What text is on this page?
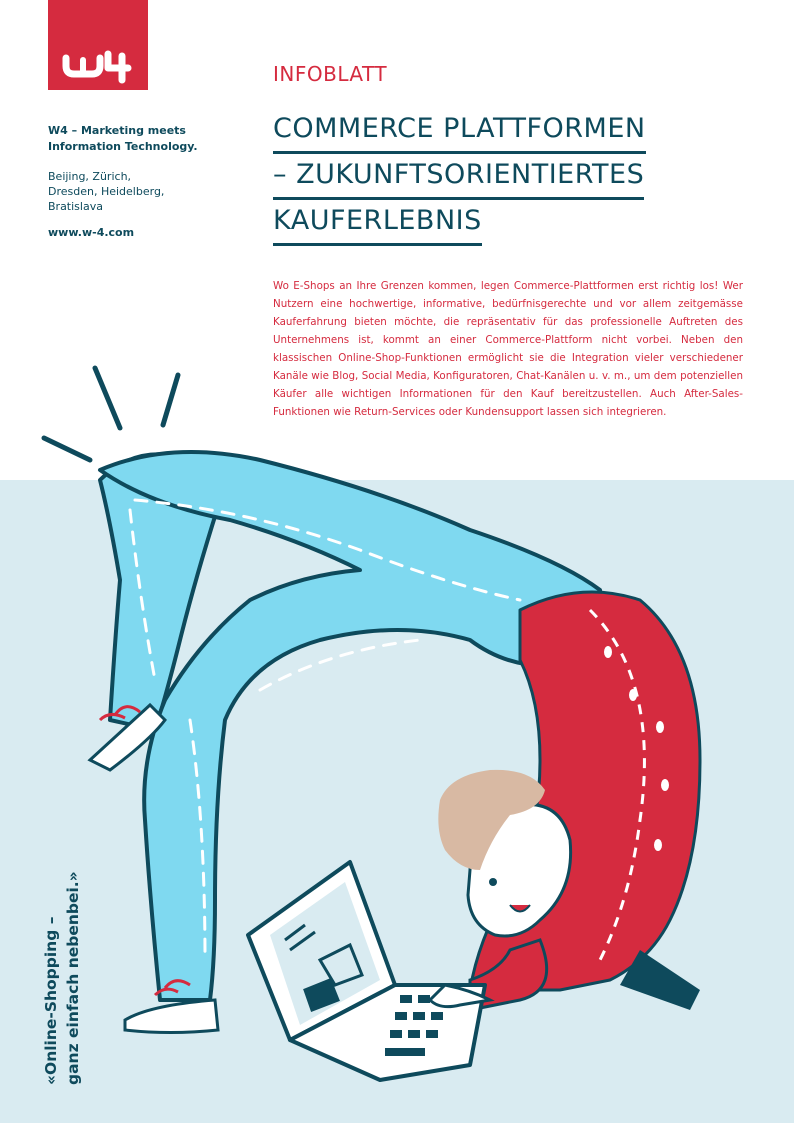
W4 – Marketing meets Information Technology.

Beijing, Zürich,
Dresden, Heidelberg,
Bratislava

www.w-4.com
INFOBLATT
COMMERCE PLATTFORMEN
– ZUKUNFTSORIENTIERTES
KAUFERLEBNIS

Wo E-Shops an Ihre Grenzen kommen, legen Commerce-Plattformen erst richtig los! Wer Nutzern eine hochwertige, informative, bedürfnisgerechte und vor allem zeitgemässe Kauferfahrung bieten möchte, die repräsentativ für das professionelle Auftreten des Unternehmens ist, kommt an einer Commerce-Plattform nicht vorbei. Neben den klassischen Online-Shop-Funktionen ermöglicht sie die Integration vieler verschiedener Kanäle wie Blog, Social Media, Konfiguratoren, Chat-Kanälen u. v. m., um dem potenziellen Käufer alle wichtigen Informationen für den Kauf bereitzustellen. Auch After-Sales-Funktionen wie Return-Services oder Kundensupport lassen sich integrieren.

«Online-Shopping – ganz einfach nebenbei.»
